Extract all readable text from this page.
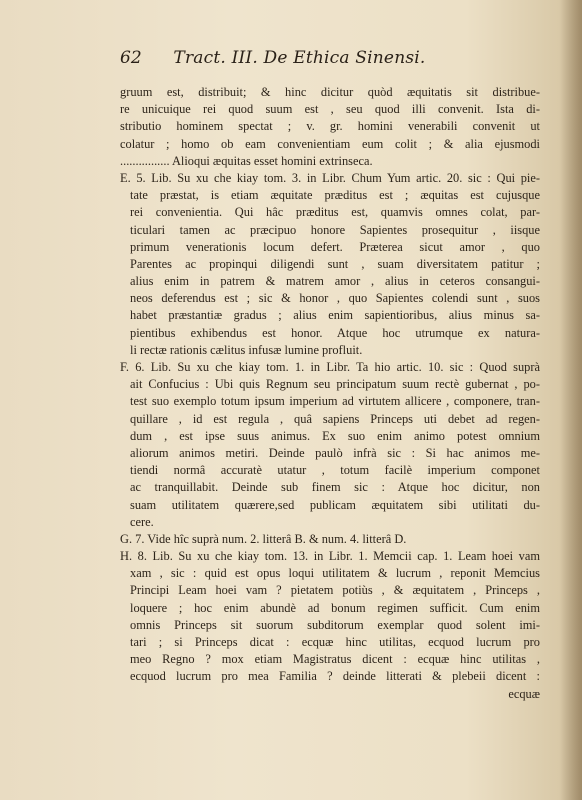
62 Tract. III. De Ethica Sinensi.
gruum est, distribuit; & hinc dicitur quòd æquitatis sit distribue-
re unicuique rei quod suum est , seu quod illi convenit. Ista di-
stributio hominem spectat ; v. gr. homini venerabili convenit ut
colatur ; homo ob eam convenientiam eum colit ; & alia ejusmodi
................ Alioqui æquitas esset homini extrinseca.
E. 5. Lib. Su xu che kiay tom. 3. in Libr. Chum Yum artic. 20. sic : Qui pie-
tate præstat, is etiam æquitate præditus est ; æquitas est cujusque
rei convenientia. Qui hâc præditus est, quamvis omnes colat, par-
ticulari tamen ac præcipuo honore Sapientes prosequitur , iisque
primum venerationis locum defert. Præterea sicut amor , quo
Parentes ac propinqui diligendi sunt , suam diversitatem patitur ;
alius enim in patrem & matrem amor , alius in ceteros consangui-
neos deferendus est ; sic & honor , quo Sapientes colendi sunt , suos
habet præstantiæ gradus ; alius enim sapientioribus, alius minus sa-
pientibus exhibendus est honor. Atque hoc utrumque ex natura-
li rectæ rationis cælitus infusæ lumine profluit.
F. 6. Lib. Su xu che kiay tom. 1. in Libr. Ta hio artic. 10. sic : Quod suprà
ait Confucius : Ubi quis Regnum seu principatum suum rectè gubernat , po-
test suo exemplo totum ipsum imperium ad virtutem allicere , componere, tran-
quillare , id est regula , quâ sapiens Princeps uti debet ad regen-
dum , est ipse suus animus. Ex suo enim animo potest omnium
aliorum animos metiri. Deinde paulò infrà sic : Si hac animos me-
tiendi normâ accuratè utatur , totum facilè imperium componet
ac tranquillabit. Deinde sub finem sic : Atque hoc dicitur, non
suam utilitatem quærere,sed publicam æquitatem sibi utilitati du-
cere.
G. 7. Vide hîc suprà num. 2. litterâ B. & num. 4. litterâ D.
H. 8. Lib. Su xu che kiay tom. 13. in Libr. 1. Memcii cap. 1. Leam hoei vam
xam , sic : quid est opus loqui utilitatem & lucrum , reponit Memcius
Principi Leam hoei vam ? pietatem potiùs , & æquitatem , Princeps ,
loquere ; hoc enim abundè ad bonum regimen sufficit. Cum enim
omnis Princeps sit suorum subditorum exemplar quod solent imi-
tari ; si Princeps dicat : ecquæ hinc utilitas, ecquod lucrum pro
meo Regno ? mox etiam Magistratus dicent : ecquæ hinc utilitas ,
ecquod lucrum pro mea Familia ? deinde litterati & plebeii dicent :
ecquæ
